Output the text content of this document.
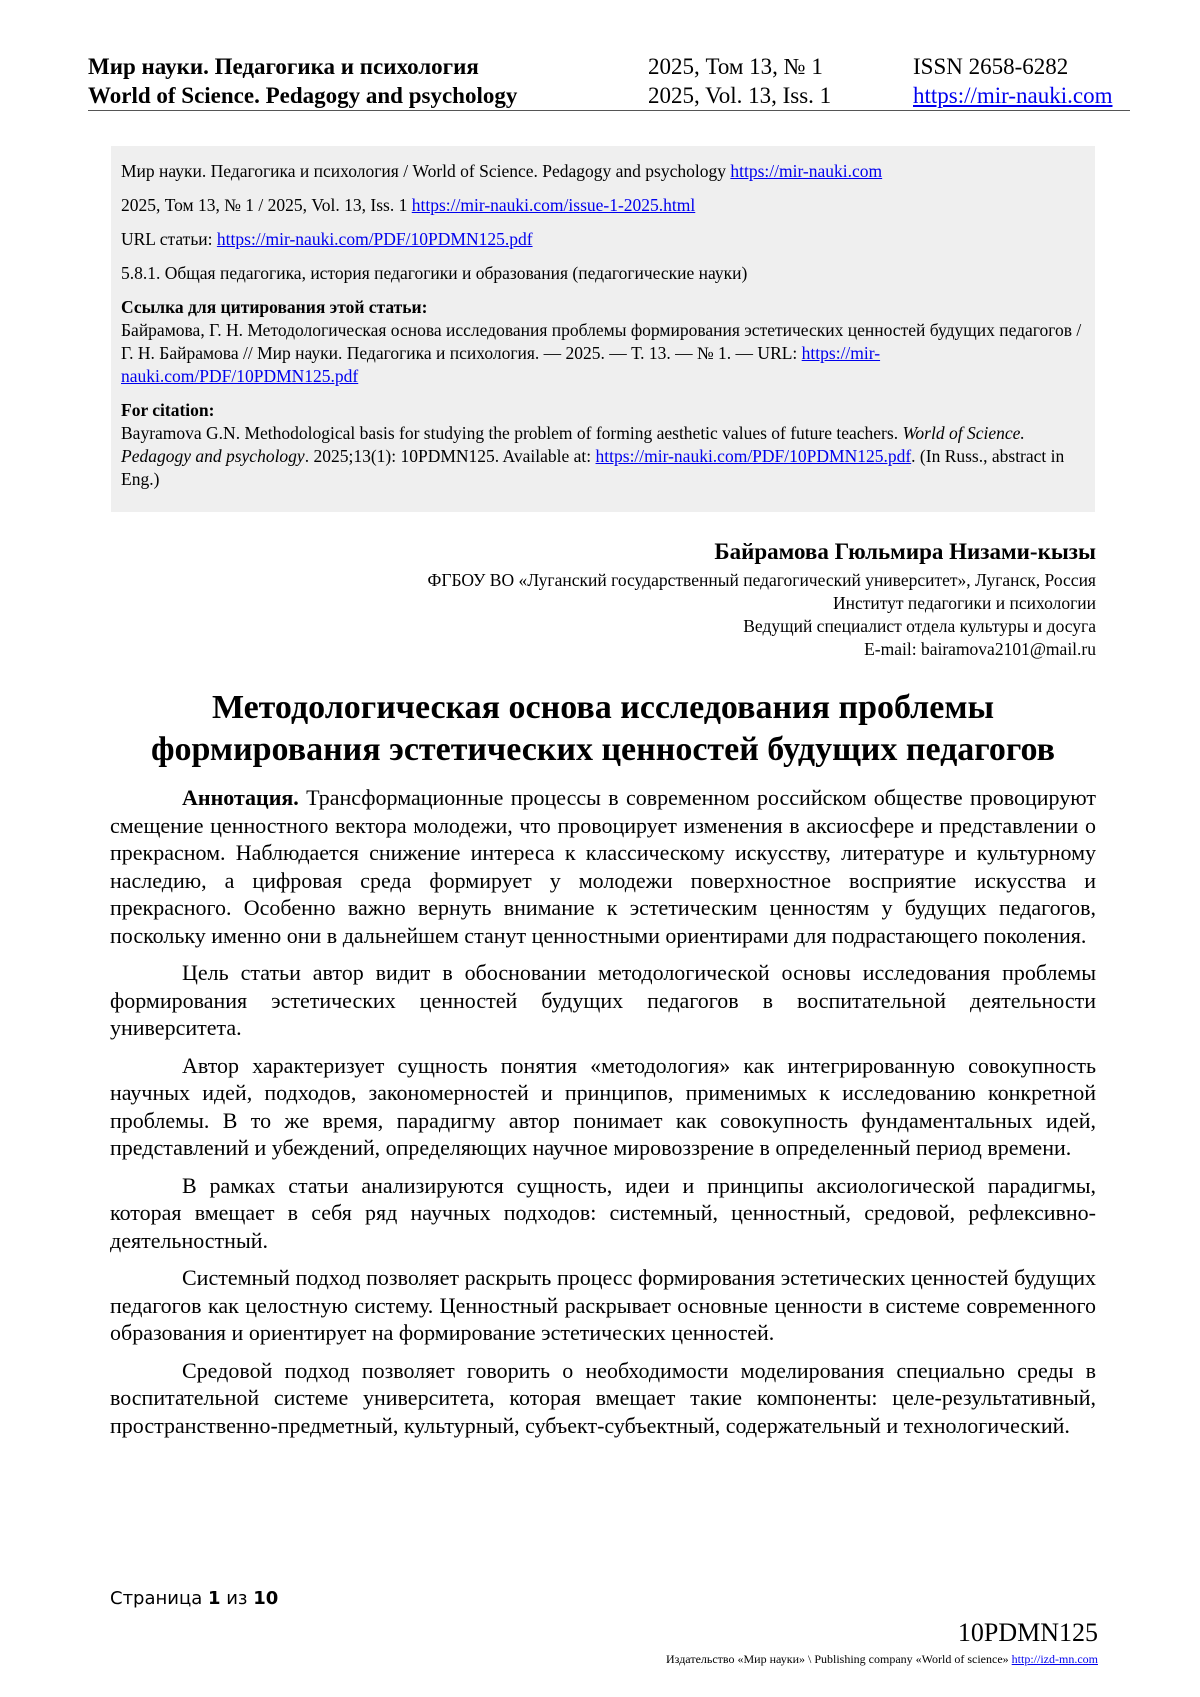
Мир науки. Педагогика и психология
World of Science. Pedagogy and psychology
2025, Том 13, № 1
2025, Vol. 13, Iss. 1
ISSN 2658-6282
https://mir-nauki.com

Мир науки. Педагогика и психология / World of Science. Pedagogy and psychology https://mir-nauki.com

2025, Том 13, № 1 / 2025, Vol. 13, Iss. 1 https://mir-nauki.com/issue-1-2025.html

URL статьи: https://mir-nauki.com/PDF/10PDMN125.pdf

5.8.1. Общая педагогика, история педагогики и образования (педагогические науки)

Ссылка для цитирования этой статьи:
Байрамова, Г. Н. Методологическая основа исследования проблемы формирования эстетических ценностей будущих педагогов / Г. Н. Байрамова // Мир науки. Педагогика и психология. — 2025. — Т. 13. — № 1. — URL: https://mir-nauki.com/PDF/10PDMN125.pdf
For citation:
Bayramova G.N. Methodological basis for studying the problem of forming aesthetic values of future teachers. World of Science. Pedagogy and psychology. 2025;13(1): 10PDMN125. Available at: https://mir-nauki.com/PDF/10PDMN125.pdf. (In Russ., abstract in Eng.)
Байрамова Гюльмира Низами-кызы
ФГБОУ ВО «Луганский государственный педагогический университет», Луганск, Россия
Институт педагогики и психологии
Ведущий специалист отдела культуры и досуга
E-mail: bairamova2101@mail.ru
Методологическая основа исследования проблемы формирования эстетических ценностей будущих педагогов

Аннотация. Трансформационные процессы в современном российском обществе провоцируют смещение ценностного вектора молодежи, что провоцирует изменения в аксиосфере и представлении о прекрасном. Наблюдается снижение интереса к классическому искусству, литературе и культурному наследию, а цифровая среда формирует у молодежи поверхностное восприятие искусства и прекрасного. Особенно важно вернуть внимание к эстетическим ценностям у будущих педагогов, поскольку именно они в дальнейшем станут ценностными ориентирами для подрастающего поколения.

Цель статьи автор видит в обосновании методологической основы исследования проблемы формирования эстетических ценностей будущих педагогов в воспитательной деятельности университета.

Автор характеризует сущность понятия «методология» как интегрированную совокупность научных идей, подходов, закономерностей и принципов, применимых к исследованию конкретной проблемы. В то же время, парадигму автор понимает как совокупность фундаментальных идей, представлений и убеждений, определяющих научное мировоззрение в определенный период времени.

В рамках статьи анализируются сущность, идеи и принципы аксиологической парадигмы, которая вмещает в себя ряд научных подходов: системный, ценностный, средовой, рефлексивно-деятельностный.

Системный подход позволяет раскрыть процесс формирования эстетических ценностей будущих педагогов как целостную систему. Ценностный раскрывает основные ценности в системе современного образования и ориентирует на формирование эстетических ценностей.

Средовой подход позволяет говорить о необходимости моделирования специально среды в воспитательной системе университета, которая вмещает такие компоненты: целе-результативный, пространственно-предметный, культурный, субъект-субъектный, содержательный и технологический.

Страница 1 из 10
10PDMN125
Издательство «Мир науки» \ Publishing company «World of science» http://izd-mn.com
